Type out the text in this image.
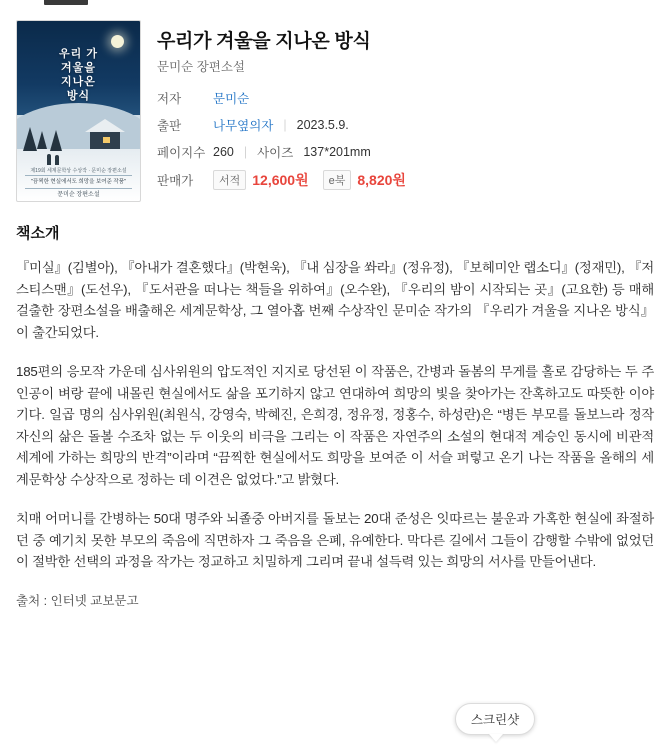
우리 가
겨울을
지나온
방식
제19회 세계문학상 수상작 · 문미순 장편소설
"끔찍한 현실에서도 희망을 보여준 작품"
문미순 장편소설
우리가 겨울을 지나온 방식
문미순 장편소설
저자	문미순
출판	나무옆의자 | 2023.5.9.
페이지수 260 | 사이즈 137*201mm
판매가	서적 12,600원	e북 8,820원
책소개

『미실』(김별아), 『아내가 결혼했다』(박현욱), 『내 심장을 쏴라』(정유정), 『보헤미안 랩소디』(정재민), 『저스티스맨』(도선우), 『도서관을 떠나는 책들을 위하여』(오수완), 『우리의 밤이 시작되는 곳』(고요한) 등 매해 걸출한 장편소설을 배출해온 세계문학상, 그 열아홉 번째 수상작인 문미순 작가의 『우리가 겨울을 지나온 방식』이 출간되었다.

185편의 응모작 가운데 심사위원의 압도적인 지지로 당선된 이 작품은, 간병과 돌봄의 무게를 홀로 감당하는 두 주인공이 벼랑 끝에 내몰린 현실에서도 삶을 포기하지 않고 연대하여 희망의 빛을 찾아가는 잔혹하고도 따뜻한 이야기다. 일곱 명의 심사위원(최원식, 강영숙, 박혜진, 은희경, 정유정, 정홍수, 하성란)은 “병든 부모를 돌보느라 정작 자신의 삶은 돌볼 수조차 없는 두 이웃의 비극을 그리는 이 작품은 자연주의 소설의 현대적 계승인 동시에 비관적 세계에 가하는 희망의 반격”이라며 “끔찍한 현실에서도 희망을 보여준 이 서슬 퍼렇고 온기 나는 작품을 올해의 세계문학상 수상작으로 정하는 데 이견은 없었다.”고 밝혔다.

치매 어머니를 간병하는 50대 명주와 뇌졸중 아버지를 돌보는 20대 준성은 잇따르는 불운과 가혹한 현실에 좌절하던 중 예기치 못한 부모의 죽음에 직면하자 그 죽음을 은폐, 유예한다. 막다른 길에서 그들이 감행할 수밖에 없었던 이 절박한 선택의 과정을 작가는 정교하고 치밀하게 그리며 끝내 설득력 있는 희망의 서사를 만들어낸다.

출처 : 인터넷 교보문고
스크린샷
